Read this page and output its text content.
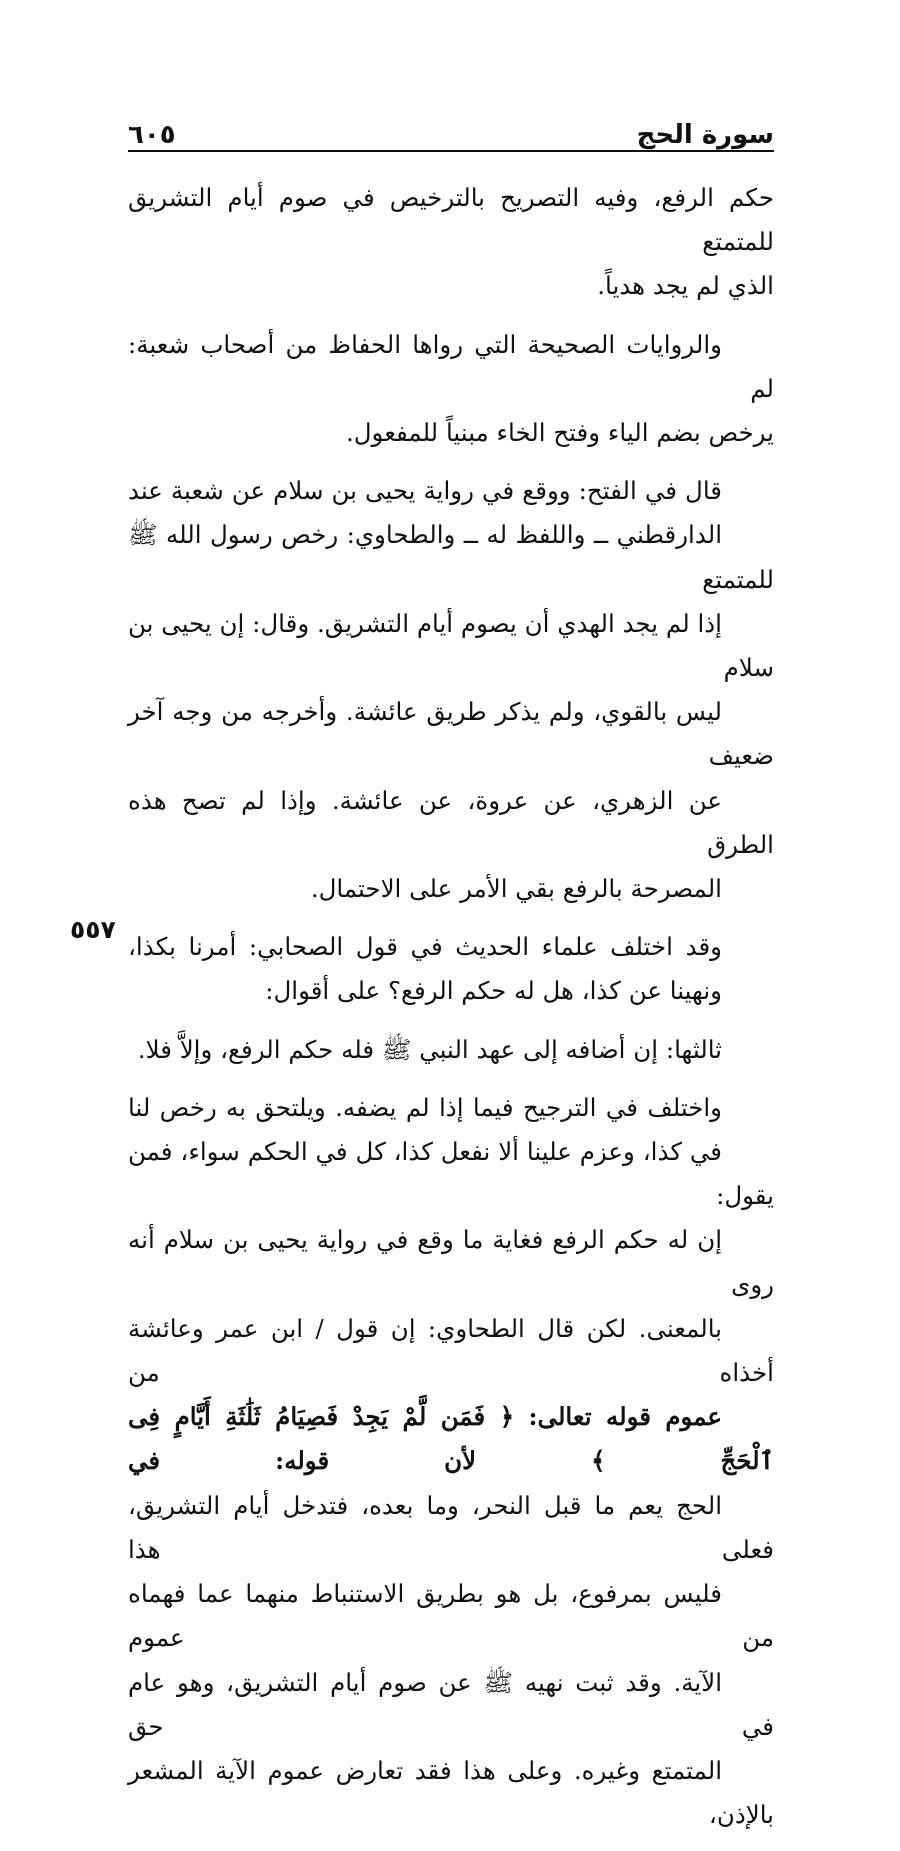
سورة الحج
٦٠٥
٥٥٧

حكم الرفع، وفيه التصريح بالترخيص في صوم أيام التشريق للمتمتع
الذي لم يجد هدياً.

والروايات الصحيحة التي رواها الحفاظ من أصحاب شعبة: لم
يرخص بضم الياء وفتح الخاء مبنياً للمفعول.

قال في الفتح: ووقع في رواية يحيى بن سلام عن شعبة عند
الدارقطني ــ واللفظ له ــ والطحاوي: رخص رسول الله ﷺ للمتمتع
إذا لم يجد الهدي أن يصوم أيام التشريق. وقال: إن يحيى بن سلام
ليس بالقوي، ولم يذكر طريق عائشة. وأخرجه من وجه آخر ضعيف
عن الزهري، عن عروة، عن عائشة. وإذا لم تصح هذه الطرق
المصرحة بالرفع بقي الأمر على الاحتمال.

وقد اختلف علماء الحديث في قول الصحابي: أمرنا بكذا،
ونهينا عن كذا، هل له حكم الرفع؟ على أقوال:

ثالثها: إن أضافه إلى عهد النبي ﷺ فله حكم الرفع، وإلاَّ فلا.

واختلف في الترجيح فيما إذا لم يضفه. ويلتحق به رخص لنا
في كذا، وعزم علينا ألا نفعل كذا، كل في الحكم سواء، فمن يقول:
إن له حكم الرفع فغاية ما وقع في رواية يحيى بن سلام أنه روى
بالمعنى. لكن قال الطحاوي: إن قول / ابن عمر وعائشة أخذاه من
عموم قوله تعالى: ﴿ فَمَن لَّمْ يَجِدْ فَصِيَامُ ثَلَٰثَةِ أَيَّامٍ فِى ٱلْحَجِّ ﴾ لأن قوله: في
الحج يعم ما قبل النحر، وما بعده، فتدخل أيام التشريق، فعلى هذا
فليس بمرفوع، بل هو بطريق الاستنباط منهما عما فهماه من عموم
الآية. وقد ثبت نهيه ﷺ عن صوم أيام التشريق، وهو عام في حق
المتمتع وغيره. وعلى هذا فقد تعارض عموم الآية المشعر بالإذن،
